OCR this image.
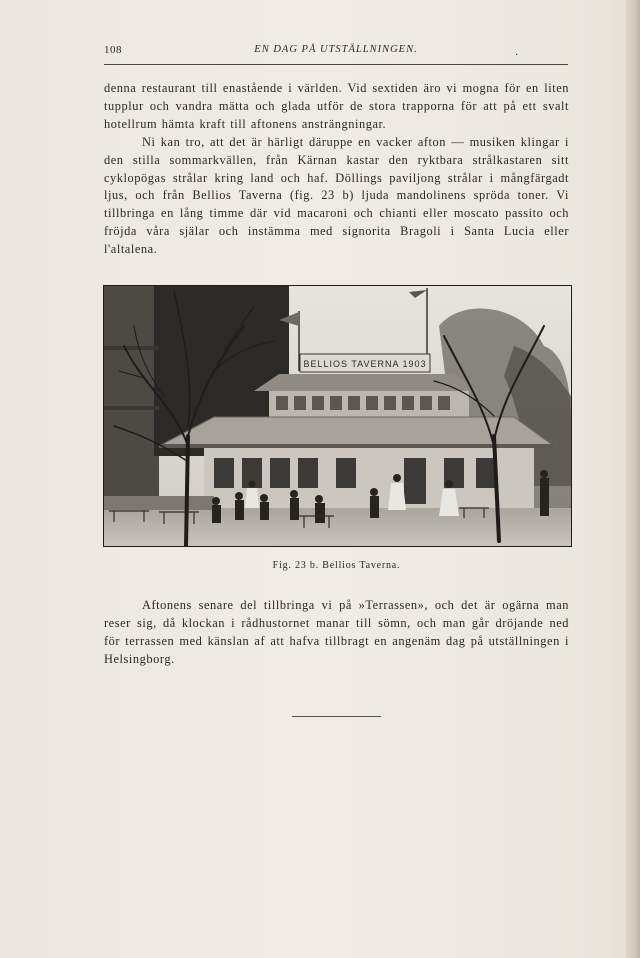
108	EN DAG PÅ UTSTÄLLNINGEN.	.

denna restaurant till enastående i världen. Vid sextiden äro vi mogna för en liten tupplur och vandra mätta och glada utför de stora trapporna för att på ett svalt hotellrum hämta kraft till aftonens ansträngningar.

Ni kan tro, att det är härligt däruppe en vacker afton — musiken klingar i den stilla sommarkvällen, från Kärnan kastar den ryktbara strålkastaren sitt cyklopögas strålar kring land och haf. Döllings paviljong strålar i mångfärgadt ljus, och från Bellios Taverna (fig. 23 b) ljuda mandolinens spröda toner. Vi tillbringa en lång timme där vid macaroni och chianti eller moscato passito och fröjda våra själar och instämma med signorita Bragoli i Santa Lucia eller l'altalena.

BELLIOS TAVERNA 1903
Fig. 23 b. Bellios Taverna.

Aftonens senare del tillbringa vi på »Terrassen», och det är ogärna man reser sig, då klockan i rådhustornet manar till sömn, och man går dröjande ned för terrassen med känslan af att hafva tillbragt en angenäm dag på utställningen i Helsingborg.
